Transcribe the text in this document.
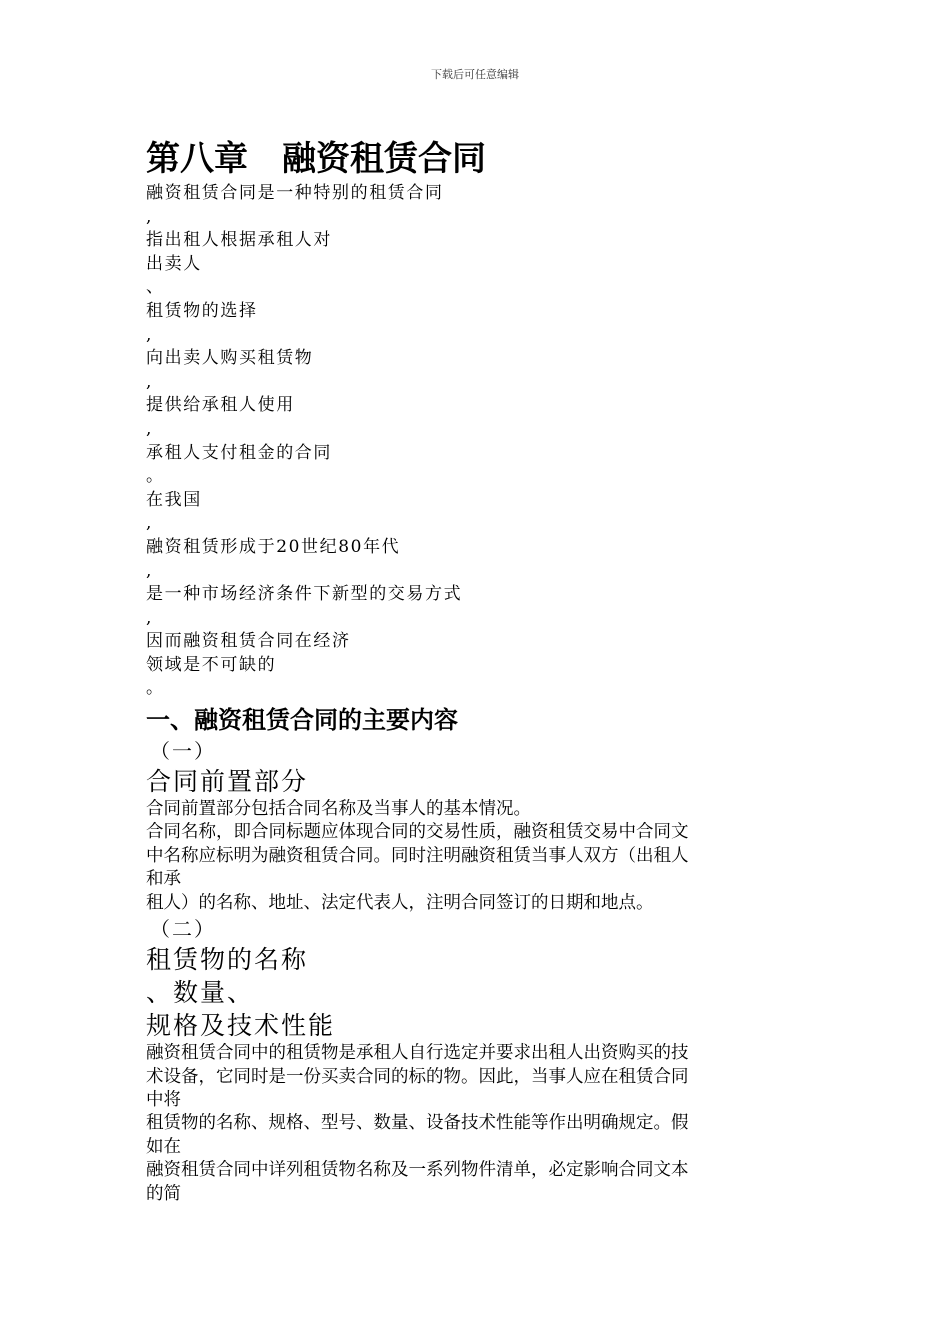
下载后可任意编辑
第八章　融资租赁合同
融资租赁合同是一种特别的租赁合同
,
指出租人根据承租人对
出卖人
、
租赁物的选择
,
向出卖人购买租赁物
,
提供给承租人使用
,
承租人支付租金的合同
。
在我国
,
融资租赁形成于20世纪80年代
,
是一种市场经济条件下新型的交易方式
,
因而融资租赁合同在经济
领域是不可缺的
。
一、融资租赁合同的主要内容
（一）
合同前置部分
合同前置部分包括合同名称及当事人的基本情况。
合同名称，即合同标题应体现合同的交易性质，融资租赁交易中合同文
中名称应标明为融资租赁合同。同时注明融资租赁当事人双方（出租人
和承
租人）的名称、地址、法定代表人，注明合同签订的日期和地点。
（二）
租赁物的名称
、数量、
规格及技术性能
融资租赁合同中的租赁物是承租人自行选定并要求出租人出资购买的技
术设备，它同时是一份买卖合同的标的物。因此，当事人应在租赁合同
中将
租赁物的名称、规格、型号、数量、设备技术性能等作出明确规定。假
如在
融资租赁合同中详列租赁物名称及一系列物件清单，必定影响合同文本
的简
